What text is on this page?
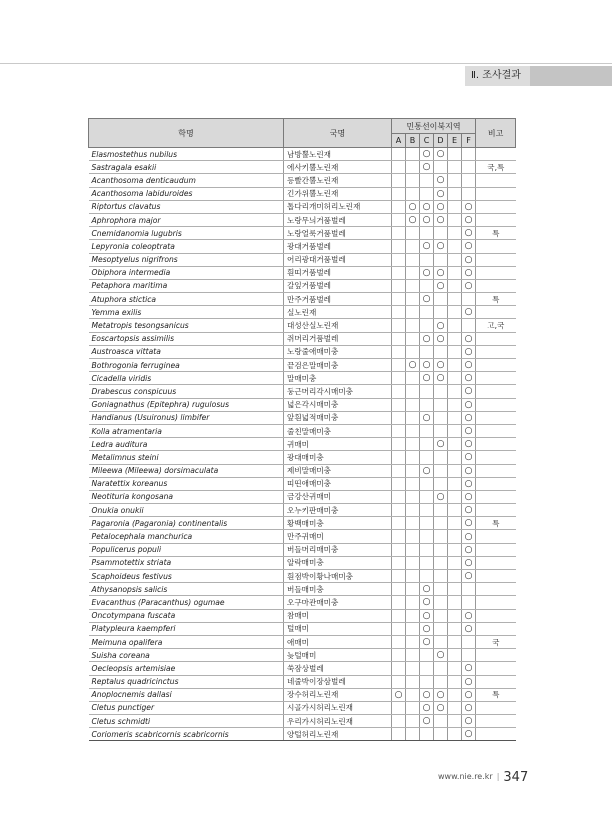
Ⅱ. 조사결과
학명	국명	민통선이북지역						비고
		A	B	C	D	E	F	
Elasmostethus nubilus	남방뿔노린재			○	○			
Sastragala esakii	에사키뿔노린재			○				국,특
Acanthosoma denticaudum	등빨간뿔노린재				○			
Acanthosoma labiduroides	긴가위뿔노린재				○			
Riptortus clavatus	톱다리개미허리노린재		○	○	○		○	
Aphrophora major	노랑무늬거품벌레		○	○	○		○	
Cnemidanomia lugubris	노랑얼룩거품벌레						○	특
Lepyronia coleoptrata	광대거품벌레			○	○		○	
Mesoptyelus nigrifrons	어리광대거품벌레						○	
Obiphora intermedia	흰띠거품벌레			○	○		○	
Petaphora maritima	갈잎거품벌레				○		○	
Atuphora stictica	만주거품벌레			○				특
Yemma exilis	실노린재						○	
Metatropis tesongsanicus	대성산실노린재				○			고,국
Eoscartopsis assimilis	쥐머리거품벌레			○	○		○	
Austroasca vittata	노랑줄애매미충						○	
Bothrogonia ferruginea	끝검은말매미충		○	○	○		○	
Cicadella viridis	말매미충			○	○		○	
Drabescus conspicuus	둥근머리각시매미충						○	
Goniagnathus (Epitephra) rugulosus	넓은각시매미충						○	
Handianus (Usuironus) limbifer	앞흰넓적매미충			○			○	
Kolla atramentaria	줄친말매미충						○	
Ledra auditura	귀매미				○		○	
Metalimnus steini	광대매미충						○	
Mileewa (Mileewa) dorsimaculata	제비말매미충			○			○	
Naratettix koreanus	띠띤애매미충						○	
Neotituria kongosana	금강산귀매미				○		○	
Onukia onukii	오누키판매미충						○	
Pagaronia (Pagaronia) continentalis	황백매미충						○	특
Petalocephala manchurica	만주귀매미						○	
Populicerus populi	버들머리매미충						○	
Psammotettix striata	알락매미충						○	
Scaphoideus festivus	흰점박이황나매미충						○	
Athysanopsis salicis	버들매미충			○				
Evacanthus (Paracanthus) ogumae	오구마관매미충			○				
Oncotympana fuscata	참매미			○			○	
Platypleura kaempferi	털매미			○			○	
Meimuna opalifera	애매미			○				국
Suisha coreana	늦털매미				○			
Oecleopsis artemisiae	쑥잠상벌레						○	
Reptalus quadricinctus	네줄박이장삼벌레						○	
Anoplocnemis dallasi	장수허리노린재	○		○	○		○	특
Cletus punctiger	시골가시허리노린재			○	○		○	
Cletus schmidti	우리가시허리노린재			○			○	
Coriomeris scabricornis scabricornis	양털허리노린재						○	
www.nie.re.kr | 347
